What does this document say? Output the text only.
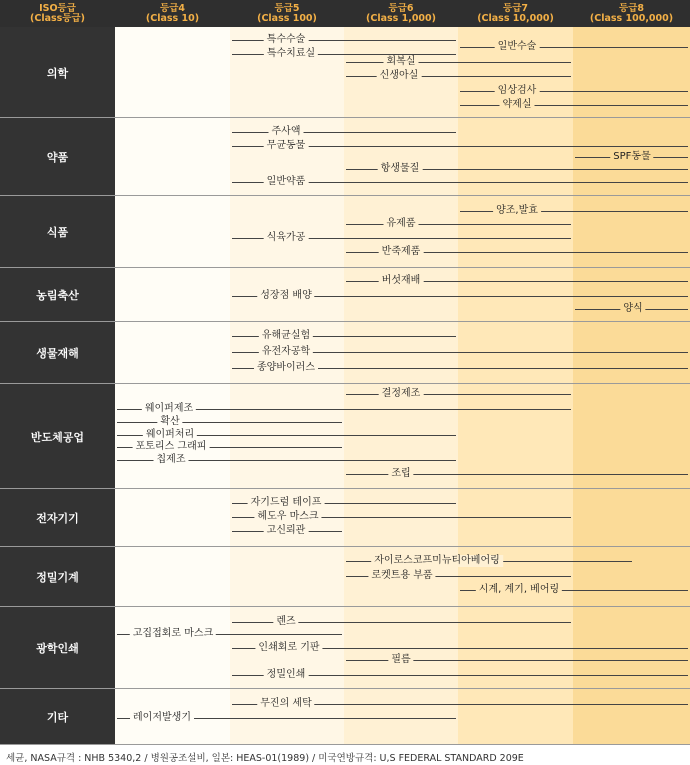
ISO등급
(Class등급)
등급4
(Class 10)
등급5
(Class 100)
등급6
(Class 1,000)
등급7
(Class 10,000)
등급8
(Class 100,000)
의학
특수수술
특수치료실
회복실
신생아실
일반수술
임상검사
약제실
약품
주사액
무균동물
항생물질
SPF동물
일반약품
식품
양조,발효
유제품
식육가공
반죽제품
농림축산
버섯재배
성장점 배양
양식
생물재해
유해균실험
유전자공학
종양바이러스
반도체공업
결정제조
웨이퍼제조
확산
웨이퍼처리
포토리스 그래피
칩제조
조립
전자기기
자기드럼 테이프
헤도우 마스크
고신뢰관
정밀기계
자이로스코프미뉴티아베어링
로켓트용 부품
시계, 계기, 베어링
광학인쇄
렌즈
고집접회로 마스크
인쇄회로 기판
필름
정밀인쇄
기타
무진의 세탁
레이저발생기
세균, NASA규격 : NHB 5340,2 / 병원공조설비, 일본: HEAS-01(1989) / 미국연방규격: U,S FEDERAL STANDARD 209E
